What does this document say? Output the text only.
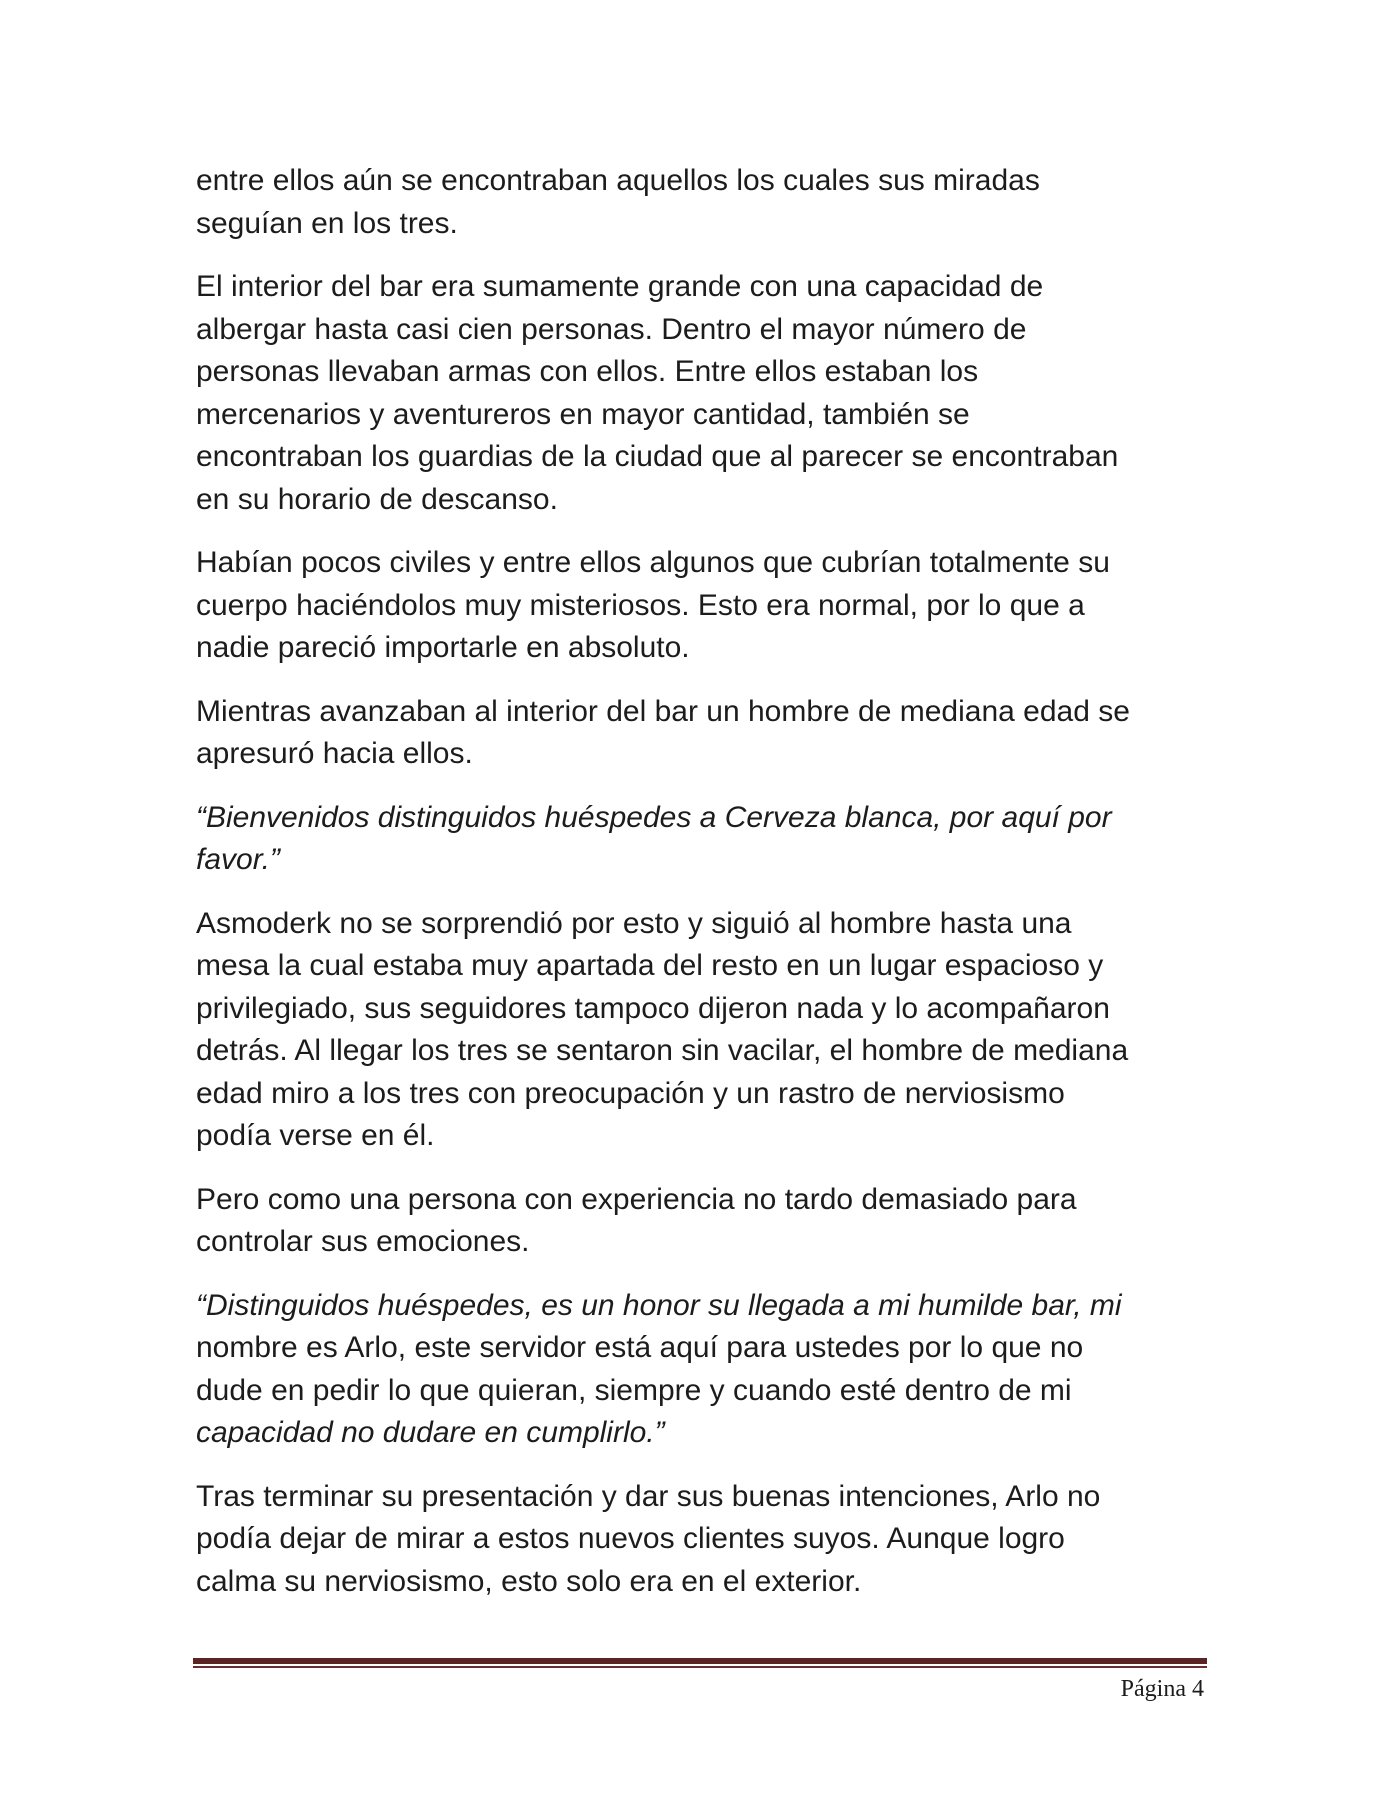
entre ellos aún se encontraban aquellos los cuales sus miradas
seguían en los tres.

El interior del bar era sumamente grande con una capacidad de
albergar hasta casi cien personas. Dentro el mayor número de
personas llevaban armas con ellos. Entre ellos estaban los
mercenarios y aventureros en mayor cantidad, también se
encontraban los guardias de la ciudad que al parecer se encontraban
en su horario de descanso.

Habían pocos civiles y entre ellos algunos que cubrían totalmente su
cuerpo haciéndolos muy misteriosos. Esto era normal, por lo que a
nadie pareció importarle en absoluto.

Mientras avanzaban al interior del bar un hombre de mediana edad se
apresuró hacia ellos.

“Bienvenidos distinguidos huéspedes a Cerveza blanca, por aquí por
favor.”

Asmoderk no se sorprendió por esto y siguió al hombre hasta una
mesa la cual estaba muy apartada del resto en un lugar espacioso y
privilegiado, sus seguidores tampoco dijeron nada y lo acompañaron
detrás. Al llegar los tres se sentaron sin vacilar, el hombre de mediana
edad miro a los tres con preocupación y un rastro de nerviosismo
podía verse en él.

Pero como una persona con experiencia no tardo demasiado para
controlar sus emociones.

“Distinguidos huéspedes, es un honor su llegada a mi humilde bar, mi
nombre es Arlo, este servidor está aquí para ustedes por lo que no
dude en pedir lo que quieran, siempre y cuando esté dentro de mi
capacidad no dudare en cumplirlo.”

Tras terminar su presentación y dar sus buenas intenciones, Arlo no
podía dejar de mirar a estos nuevos clientes suyos. Aunque logro
calma su nerviosismo, esto solo era en el exterior.

Página 4
